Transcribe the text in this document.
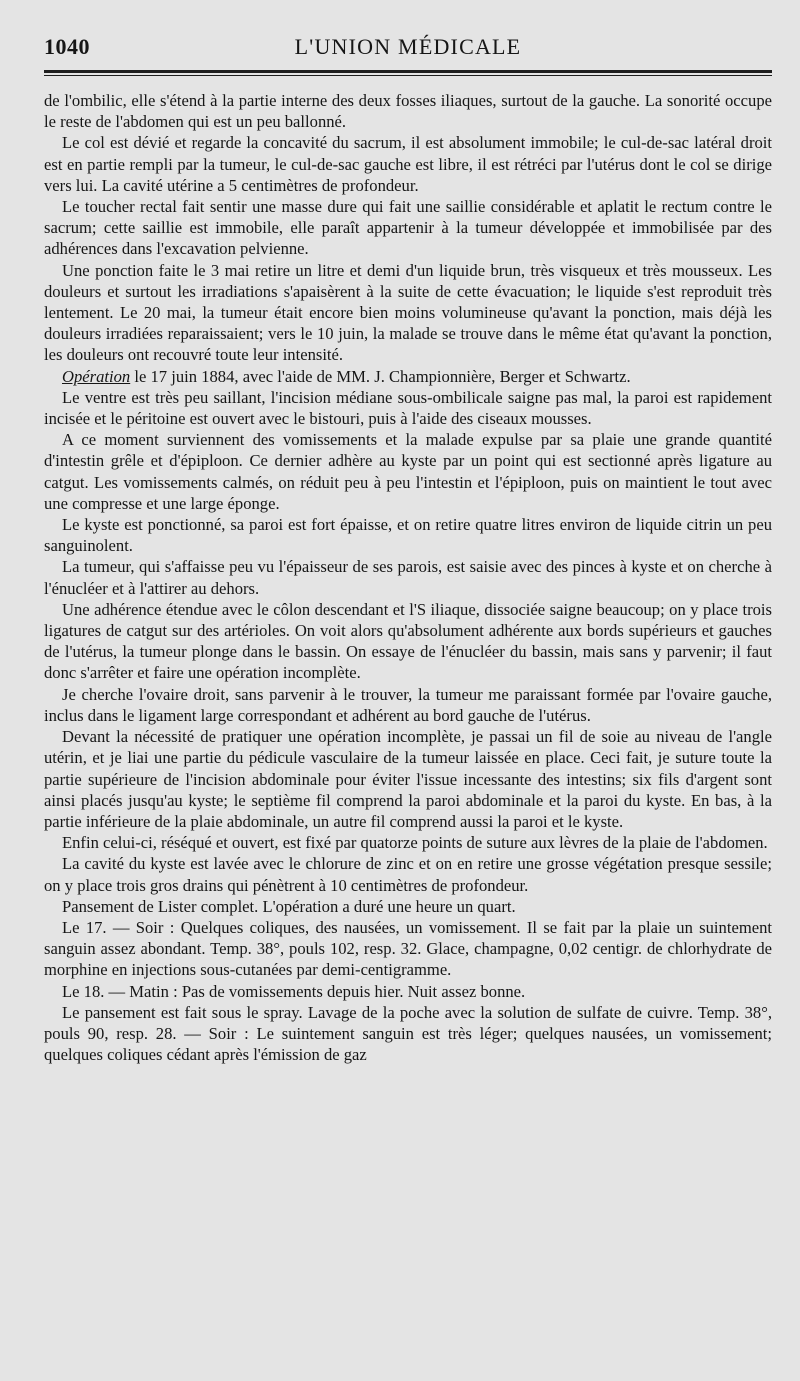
1040	L'UNION MÉDICALE

de l'ombilic, elle s'étend à la partie interne des deux fosses iliaques, surtout de la gauche. La sonorité occupe le reste de l'abdomen qui est un peu ballonné.

Le col est dévié et regarde la concavité du sacrum, il est absolument immobile; le cul-de-sac latéral droit est en partie rempli par la tumeur, le cul-de-sac gauche est libre, il est rétréci par l'utérus dont le col se dirige vers lui. La cavité utérine a 5 centimètres de profondeur.

Le toucher rectal fait sentir une masse dure qui fait une saillie considérable et aplatit le rectum contre le sacrum; cette saillie est immobile, elle paraît appartenir à la tumeur développée et immobilisée par des adhérences dans l'excavation pelvienne.

Une ponction faite le 3 mai retire un litre et demi d'un liquide brun, très visqueux et très mousseux. Les douleurs et surtout les irradiations s'apaisèrent à la suite de cette évacuation; le liquide s'est reproduit très lentement. Le 20 mai, la tumeur était encore bien moins volumineuse qu'avant la ponction, mais déjà les douleurs irradiées reparaissaient; vers le 10 juin, la malade se trouve dans le même état qu'avant la ponction, les douleurs ont recouvré toute leur intensité.

Opération le 17 juin 1884, avec l'aide de MM. J. Championnière, Berger et Schwartz.

Le ventre est très peu saillant, l'incision médiane sous-ombilicale saigne pas mal, la paroi est rapidement incisée et le péritoine est ouvert avec le bistouri, puis à l'aide des ciseaux mousses.

A ce moment surviennent des vomissements et la malade expulse par sa plaie une grande quantité d'intestin grêle et d'épiploon. Ce dernier adhère au kyste par un point qui est sectionné après ligature au catgut. Les vomissements calmés, on réduit peu à peu l'intestin et l'épiploon, puis on maintient le tout avec une compresse et une large éponge.

Le kyste est ponctionné, sa paroi est fort épaisse, et on retire quatre litres environ de liquide citrin un peu sanguinolent.

La tumeur, qui s'affaisse peu vu l'épaisseur de ses parois, est saisie avec des pinces à kyste et on cherche à l'énucléer et à l'attirer au dehors.

Une adhérence étendue avec le côlon descendant et l'S iliaque, dissociée saigne beaucoup; on y place trois ligatures de catgut sur des artérioles. On voit alors qu'absolument adhérente aux bords supérieurs et gauches de l'utérus, la tumeur plonge dans le bassin. On essaye de l'énucléer du bassin, mais sans y parvenir; il faut donc s'arrêter et faire une opération incomplète.

Je cherche l'ovaire droit, sans parvenir à le trouver, la tumeur me paraissant formée par l'ovaire gauche, inclus dans le ligament large correspondant et adhérent au bord gauche de l'utérus.

Devant la nécessité de pratiquer une opération incomplète, je passai un fil de soie au niveau de l'angle utérin, et je liai une partie du pédicule vasculaire de la tumeur laissée en place. Ceci fait, je suture toute la partie supérieure de l'incision abdominale pour éviter l'issue incessante des intestins; six fils d'argent sont ainsi placés jusqu'au kyste; le septième fil comprend la paroi abdominale et la paroi du kyste. En bas, à la partie inférieure de la plaie abdominale, un autre fil comprend aussi la paroi et le kyste.

Enfin celui-ci, réséqué et ouvert, est fixé par quatorze points de suture aux lèvres de la plaie de l'abdomen.

La cavité du kyste est lavée avec le chlorure de zinc et on en retire une grosse végétation presque sessile; on y place trois gros drains qui pénètrent à 10 centimètres de profondeur.

Pansement de Lister complet. L'opération a duré une heure un quart.

Le 17. — Soir : Quelques coliques, des nausées, un vomissement. Il se fait par la plaie un suintement sanguin assez abondant. Temp. 38°, pouls 102, resp. 32. Glace, champagne, 0,02 centigr. de chlorhydrate de morphine en injections sous-cutanées par demi-centigramme.

Le 18. — Matin : Pas de vomissements depuis hier. Nuit assez bonne.

Le pansement est fait sous le spray. Lavage de la poche avec la solution de sulfate de cuivre. Temp. 38°, pouls 90, resp. 28. — Soir : Le suintement sanguin est très léger; quelques nausées, un vomissement; quelques coliques cédant après l'émission de gaz
